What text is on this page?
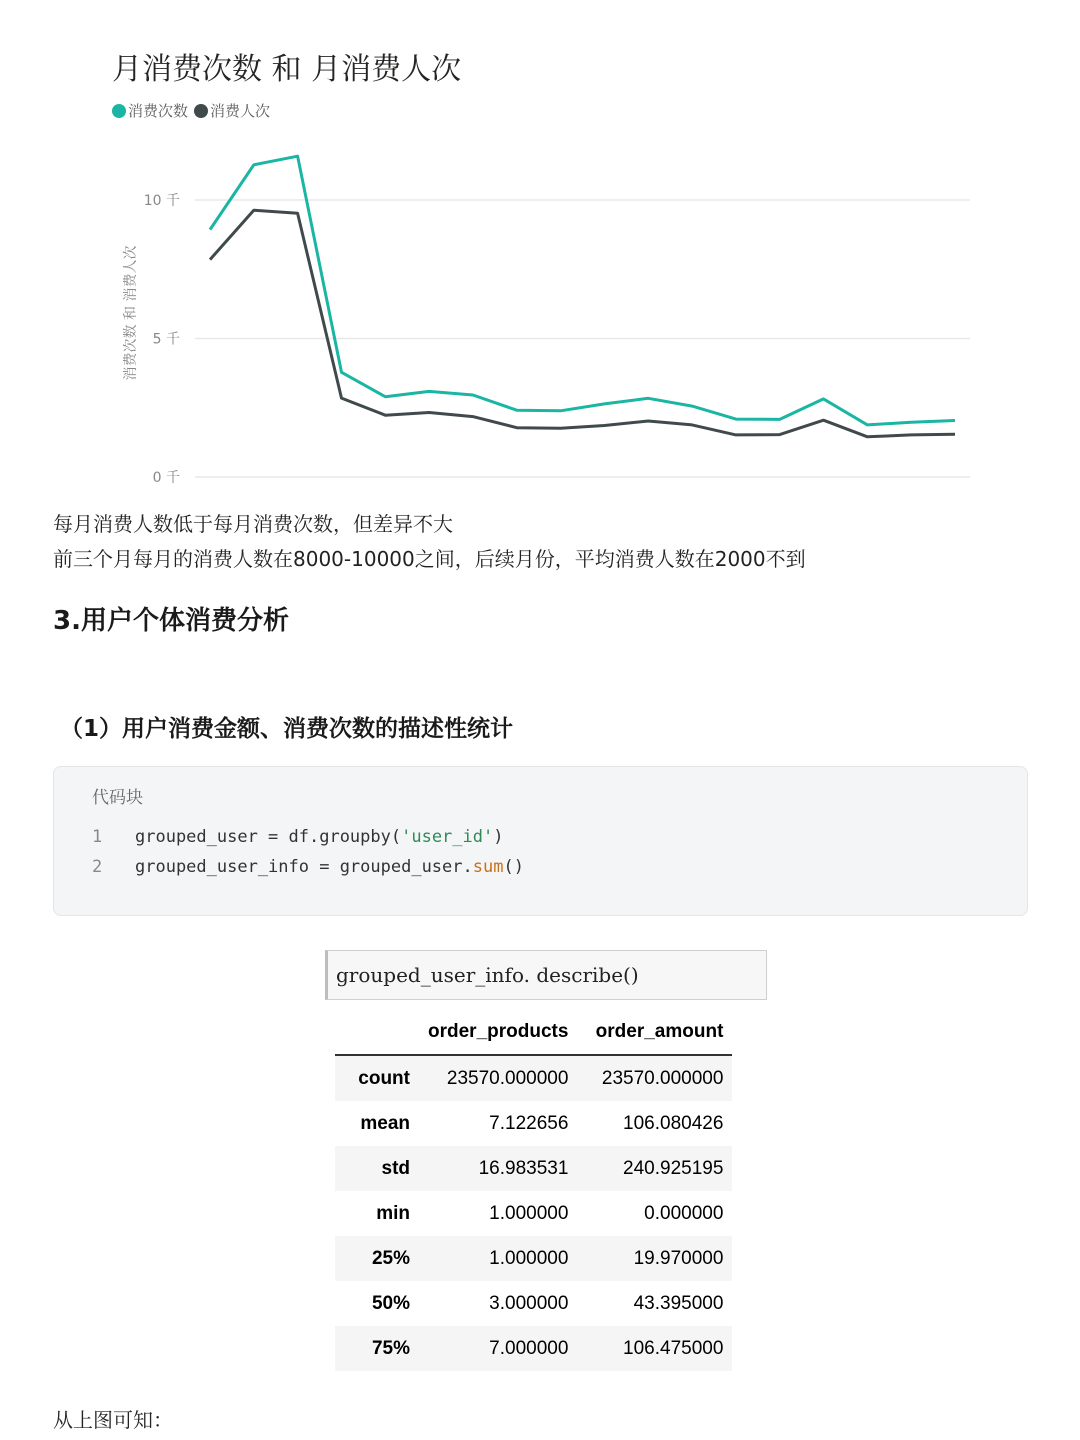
月消费次数 和 月消费人次
消费次数 消费人次
消费次数 和 消费人次
0 千
5 千
10 千
每月消费人数低于每月消费次数，但差异不大
前三个月每月的消费人数在8000-10000之间，后续月份，平均消费人数在2000不到
3.用户个体消费分析
（1）用户消费金额、消费次数的描述性统计
代码块
1 grouped_user = df.groupby('user_id')
2 grouped_user_info = grouped_user.sum()
grouped_user_info. describe()
	order_products	order_amount
count	23570.000000	23570.000000
mean	7.122656	106.080426
std	16.983531	240.925195
min	1.000000	0.000000
25%	1.000000	19.970000
50%	3.000000	43.395000
75%	7.000000	106.475000
从上图可知：
